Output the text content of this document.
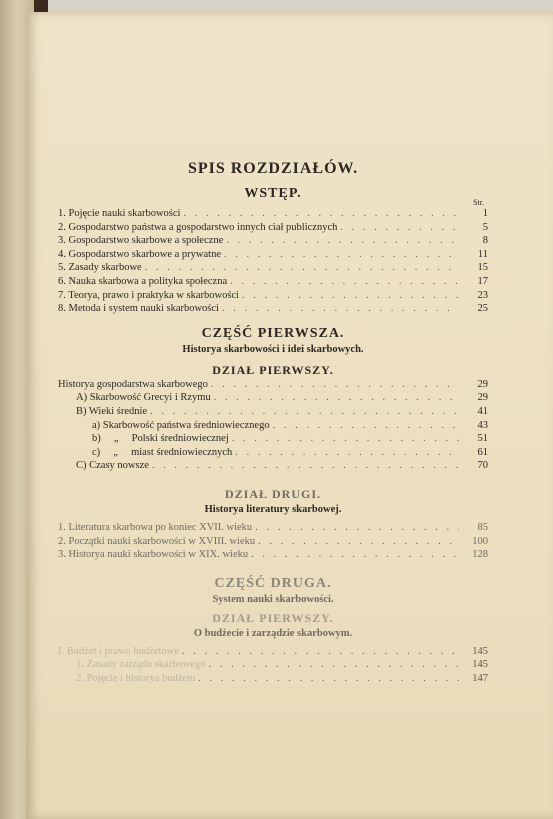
SPIS ROZDZIAŁÓW.
WSTĘP.
Str.
1. Pojęcie nauki skarbowości . . .	1
2. Gospodarstwo państwa a gospodarstwo innych ciał publicznych . . .	5
3. Gospodarstwo skarbowe a społeczne . . .	8
4. Gospodarstwo skarbowe a prywatne . . .	11
5. Zasady skarbowe . . .	15
6. Nauka skarbowa a polityka społeczna . . .	17
7. Teorya, prawo i praktyka w skarbowości . . .	23
8. Metoda i system nauki skarbowości . . .	25
CZĘŚĆ PIERWSZA.
Historya skarbowości i idei skarbowych.
DZIAŁ PIERWSZY.
Historya gospodarstwa skarbowego . . .	29
A) Skarbowość Grecyi i Rzymu . . .	29
B) Wieki średnie . . .	41
a) Skarbowość państwa średniowiecznego . . .	43
b)     „     Polski średniowiecznej . . .	51
c)     „     miast średniowiecznych . . .	61
C) Czasy nowsze . . .	70
DZIAŁ DRUGI.
Historya literatury skarbowej.
1. Literatura skarbowa po koniec XVII. wieku . . .	85
2. Początki nauki skarbowości w XVIII. wieku . . .	100
3. Historya nauki skarbowości w XIX. wieku . . .	128
CZĘŚĆ DRUGA.
System nauki skarbowości.
DZIAŁ PIERWSZY.
O budżecie i zarządzie skarbowym.
I. Budżet i prawo budżetowe . . .	145
1. Zasady zarządu skarbowego . . .	145
2. Pojęcie i historya budżetu . . .	147
